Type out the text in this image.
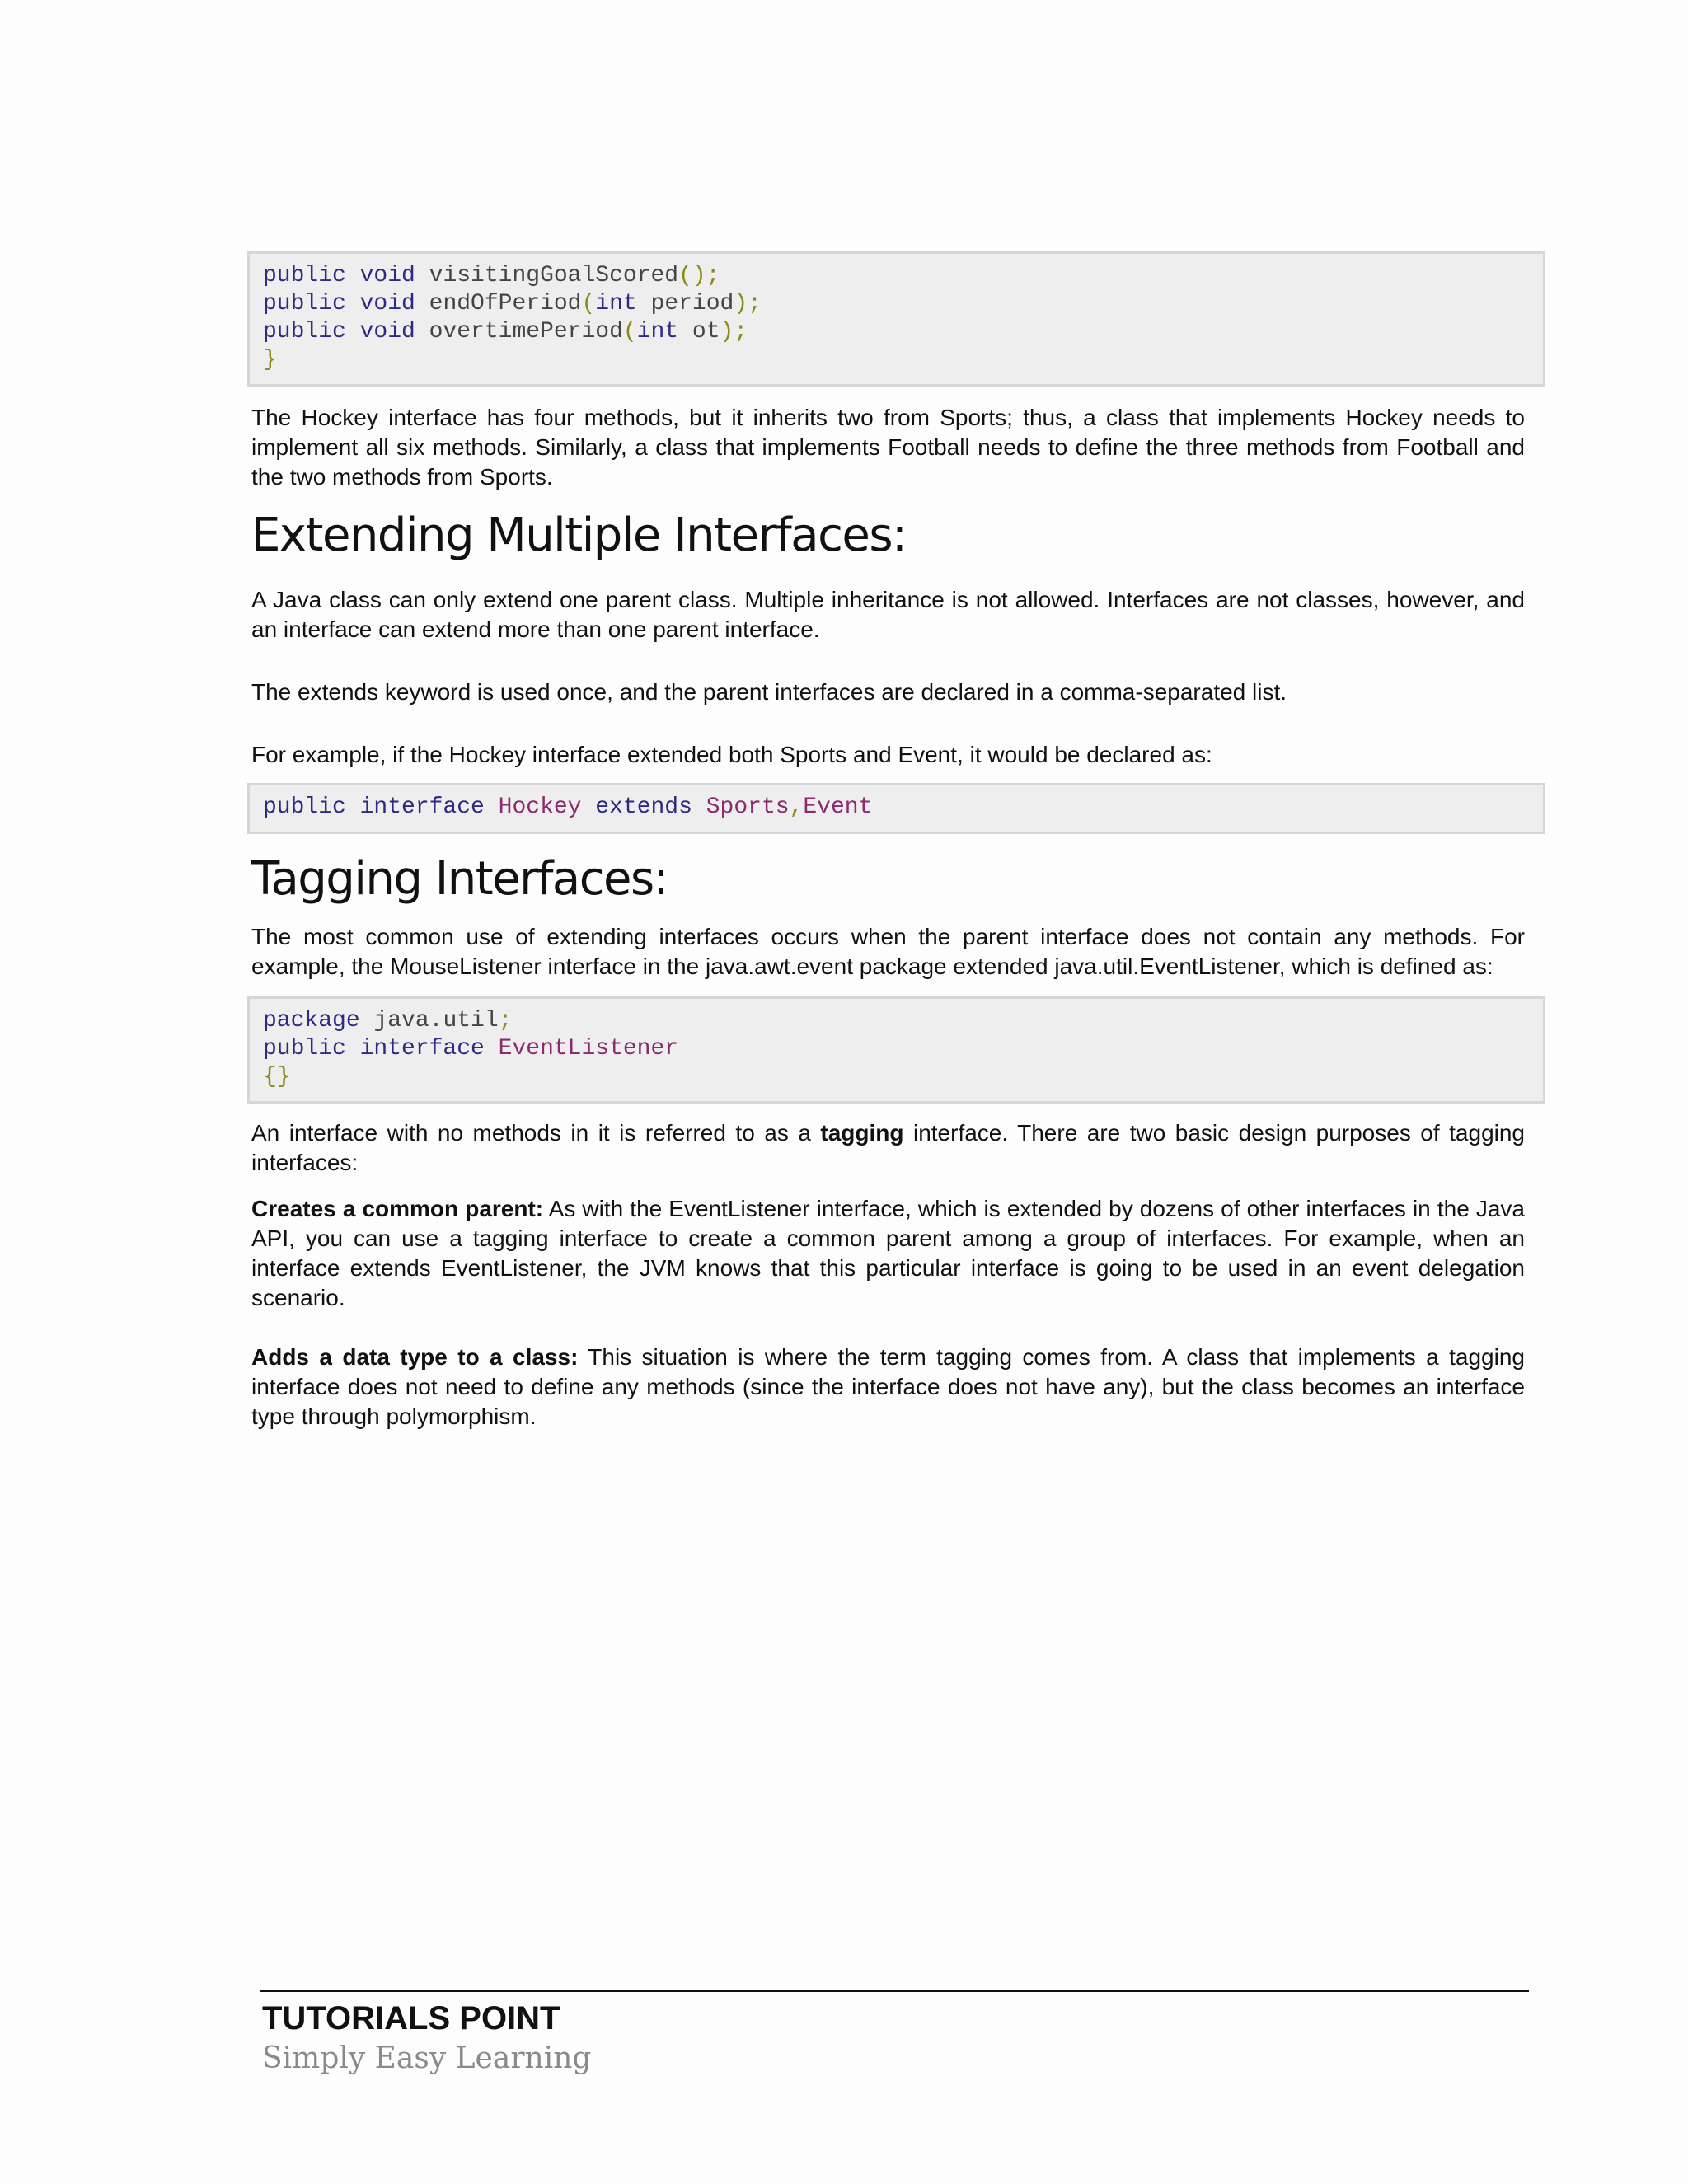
public void visitingGoalScored();
public void endOfPeriod(int period);
public void overtimePeriod(int ot);
}

The Hockey interface has four methods, but it inherits two from Sports; thus, a class that implements Hockey needs to implement all six methods. Similarly, a class that implements Football needs to define the three methods from Football and the two methods from Sports.

Extending Multiple Interfaces:

A Java class can only extend one parent class. Multiple inheritance is not allowed. Interfaces are not classes, however, and an interface can extend more than one parent interface.

The extends keyword is used once, and the parent interfaces are declared in a comma-separated list.

For example, if the Hockey interface extended both Sports and Event, it would be declared as:

public interface Hockey extends Sports,Event
Tagging Interfaces:

The most common use of extending interfaces occurs when the parent interface does not contain any methods. For example, the MouseListener interface in the java.awt.event package extended java.util.EventListener, which is defined as:

package java.util;
public interface EventListener
{}

An interface with no methods in it is referred to as a tagging interface. There are two basic design purposes of tagging interfaces:

Creates a common parent: As with the EventListener interface, which is extended by dozens of other interfaces in the Java API, you can use a tagging interface to create a common parent among a group of interfaces. For example, when an interface extends EventListener, the JVM knows that this particular interface is going to be used in an event delegation scenario.

Adds a data type to a class: This situation is where the term tagging comes from. A class that implements a tagging interface does not need to define any methods (since the interface does not have any), but the class becomes an interface type through polymorphism.

TUTORIALS POINT
Simply Easy Learning
